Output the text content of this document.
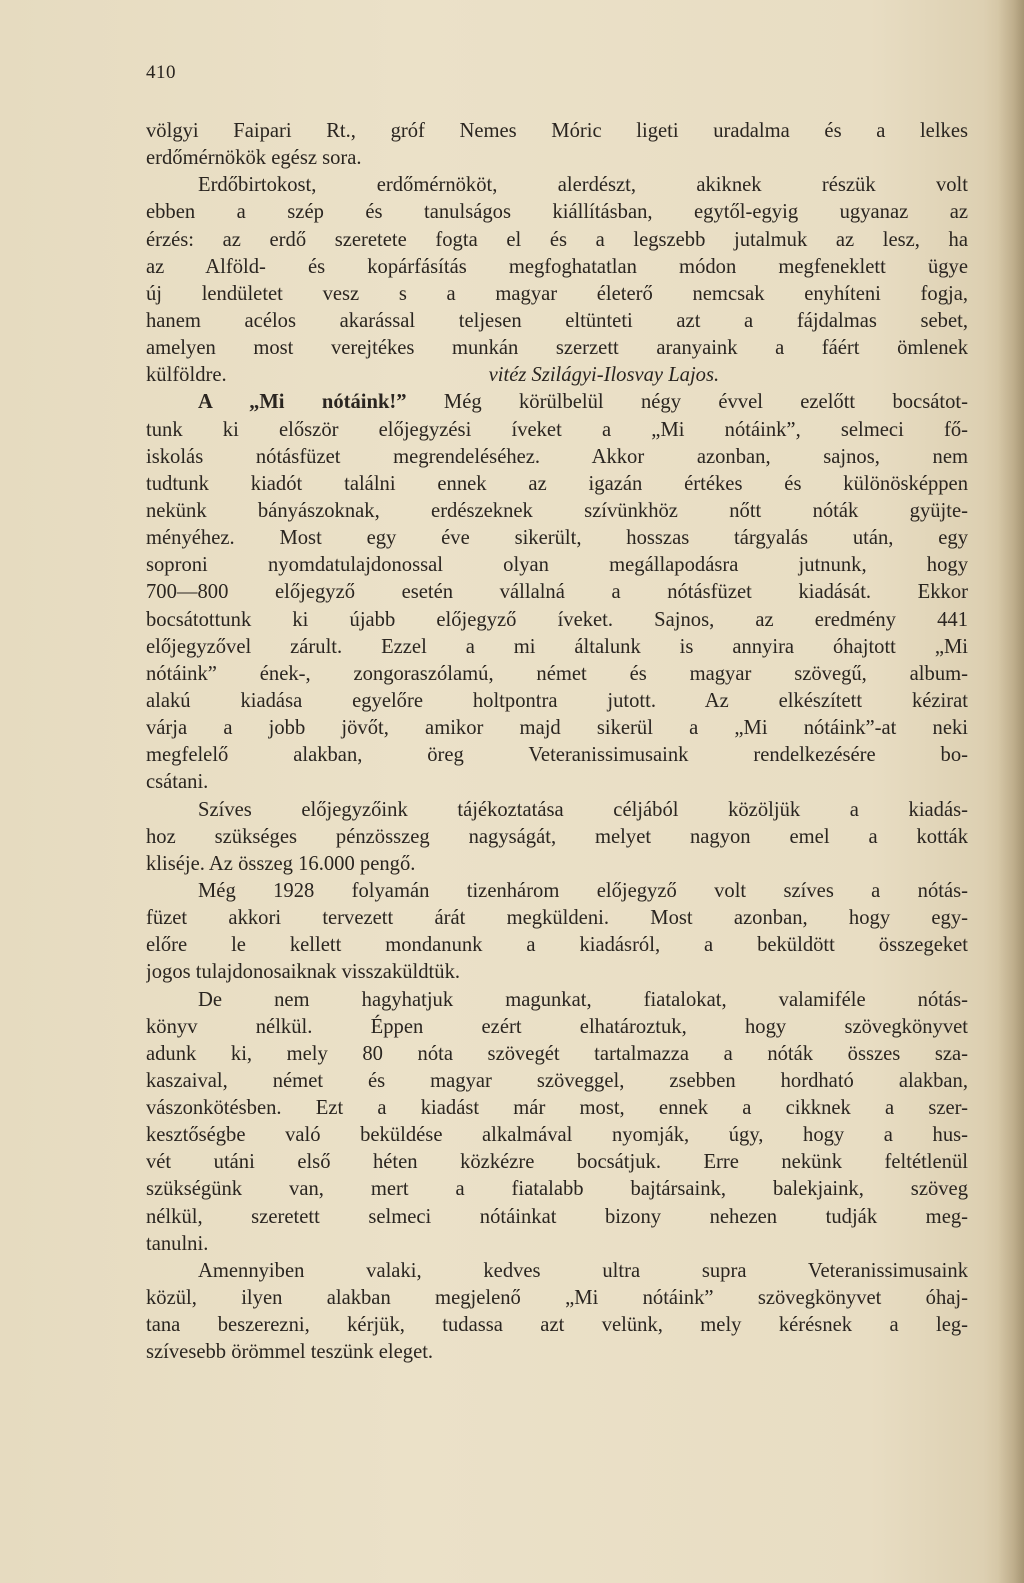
410
völgyi Faipari Rt., gróf Nemes Móric ligeti uradalma és a lelkes
erdőmérnökök egész sora.
Erdőbirtokost, erdőmérnököt, alerdészt, akiknek részük volt
ebben a szép és tanulságos kiállításban, egytől-egyig ugyanaz az
érzés: az erdő szeretete fogta el és a legszebb jutalmuk az lesz, ha
az Alföld- és kopárfásítás megfoghatatlan módon megfeneklett ügye
új lendületet vesz s a magyar életerő nemcsak enyhíteni fogja,
hanem acélos akarással teljesen eltünteti azt a fájdalmas sebet,
amelyen most verejtékes munkán szerzett aranyaink a fáért ömlenek
külföldre.	vitéz Szilágyi-Ilosvay Lajos.
A „Mi nótáink!” Még körülbelül négy évvel ezelőtt bocsátot-
tunk ki először előjegyzési íveket a „Mi nótáink”, selmeci fő-
iskolás nótásfüzet megrendeléséhez. Akkor azonban, sajnos, nem
tudtunk kiadót találni ennek az igazán értékes és különösképpen
nekünk bányászoknak, erdészeknek szívünkhöz nőtt nóták gyüjte-
ményéhez. Most egy éve sikerült, hosszas tárgyalás után, egy
soproni nyomdatulajdonossal olyan megállapodásra jutnunk, hogy
700—800 előjegyző esetén vállalná a nótásfüzet kiadását. Ekkor
bocsátottunk ki újabb előjegyző íveket. Sajnos, az eredmény 441
előjegyzővel zárult. Ezzel a mi általunk is annyira óhajtott „Mi
nótáink” ének-, zongoraszólamú, német és magyar szövegű, album-
alakú kiadása egyelőre holtpontra jutott. Az elkészített kézirat
várja a jobb jövőt, amikor majd sikerül a „Mi nótáink”-at neki
megfelelő alakban, öreg Veteranissimusaink rendelkezésére bo-
csátani.
Szíves előjegyzőink tájékoztatása céljából közöljük a kiadás-
hoz szükséges pénzösszeg nagyságát, melyet nagyon emel a kották
kliséje. Az összeg 16.000 pengő.
Még 1928 folyamán tizenhárom előjegyző volt szíves a nótás-
füzet akkori tervezett árát megküldeni. Most azonban, hogy egy-
előre le kellett mondanunk a kiadásról, a beküldött összegeket
jogos tulajdonosaiknak visszaküldtük.
De nem hagyhatjuk magunkat, fiatalokat, valamiféle nótás-
könyv nélkül. Éppen ezért elhatároztuk, hogy szövegkönyvet
adunk ki, mely 80 nóta szövegét tartalmazza a nóták összes sza-
kaszaival, német és magyar szöveggel, zsebben hordható alakban,
vászonkötésben. Ezt a kiadást már most, ennek a cikknek a szer-
kesztőségbe való beküldése alkalmával nyomják, úgy, hogy a hus-
vét utáni első héten közkézre bocsátjuk. Erre nekünk feltétlenül
szükségünk van, mert a fiatalabb bajtársaink, balekjaink, szöveg
nélkül, szeretett selmeci nótáinkat bizony nehezen tudják meg-
tanulni.
Amennyiben valaki, kedves ultra supra Veteranissimusaink
közül, ilyen alakban megjelenő „Mi nótáink” szövegkönyvet óhaj-
tana beszerezni, kérjük, tudassa azt velünk, mely kérésnek a leg-
szívesebb örömmel teszünk eleget.
